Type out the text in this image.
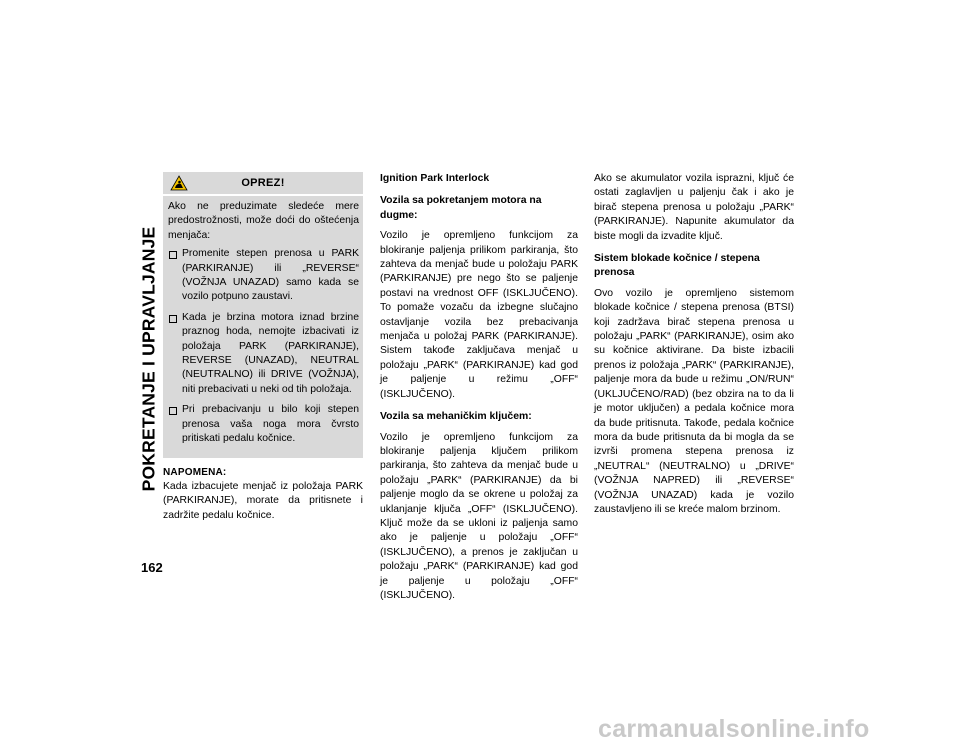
POKRETANJE I UPRAVLJANJE
162
OPREZ!

Ako ne preduzimate sledeće mere predostrožnosti, može doći do oštećenja menjača:

Promenite stepen prenosa u PARK (PARKIRANJE) ili „REVERSE“ (VOŽNJA UNAZAD) samo kada se vozilo potpuno zaustavi.
Kada je brzina motora iznad brzine praznog hoda, nemojte izbacivati iz položaja PARK (PARKIRANJE), REVERSE (UNAZAD), NEUTRAL (NEUTRALNO) ili DRIVE (VOŽNJA), niti prebacivati u neki od tih položaja.
Pri prebacivanju u bilo koji stepen prenosa vaša noga mora čvrsto pritiskati pedalu kočnice.
NAPOMENA:

Kada izbacujete menjač iz položaja PARK (PARKIRANJE), morate da pritisnete i zadržite pedalu kočnice.

Ignition Park Interlock
Vozila sa pokretanjem motora na dugme:

Vozilo je opremljeno funkcijom za blokiranje paljenja prilikom parkiranja, što zahteva da menjač bude u položaju PARK (PARKIRANJE) pre nego što se paljenje postavi na vrednost OFF (ISKLJUČENO). To pomaže vozaču da izbegne slučajno ostavljanje vozila bez prebacivanja menjača u položaj PARK (PARKIRANJE). Sistem takođe zaključava menjač u položaju „PARK“ (PARKIRANJE) kad god je paljenje u režimu „OFF“ (ISKLJUČENO).

Vozila sa mehaničkim ključem:

Vozilo je opremljeno funkcijom za blokiranje paljenja ključem prilikom parkiranja, što zahteva da menjač bude u položaju „PARK“ (PARKIRANJE) da bi paljenje moglo da se okrene u položaj za uklanjanje ključa „OFF“ (ISKLJUČENO). Ključ može da se ukloni iz paljenja samo ako je paljenje u položaju „OFF“ (ISKLJUČENO), a prenos je zaključan u položaju „PARK“ (PARKIRANJE) kad god je paljenje u položaju „OFF“ (ISKLJUČENO).

Ako se akumulator vozila isprazni, ključ će ostati zaglavljen u paljenju čak i ako je birač stepena prenosa u položaju „PARK“ (PARKIRANJE). Napunite akumulator da biste mogli da izvadite ključ.

Sistem blokade kočnice / stepena prenosa

Ovo vozilo je opremljeno sistemom blokade kočnice / stepena prenosa (BTSI) koji zadržava birač stepena prenosa u položaju „PARK“ (PARKIRANJE), osim ako su kočnice aktivirane. Da biste izbacili prenos iz položaja „PARK“ (PARKIRANJE), paljenje mora da bude u režimu „ON/RUN“ (UKLJUČENO/RAD) (bez obzira na to da li je motor uključen) a pedala kočnice mora da bude pritisnuta. Takođe, pedala kočnice mora da bude pritisnuta da bi mogla da se izvrši promena stepena prenosa iz „NEUTRAL“ (NEUTRALNO) u „DRIVE“ (VOŽNJA NAPRED) ili „REVERSE“ (VOŽNJA UNAZAD) kada je vozilo zaustavljeno ili se kreće malom brzinom.

carmanualsonline.info
